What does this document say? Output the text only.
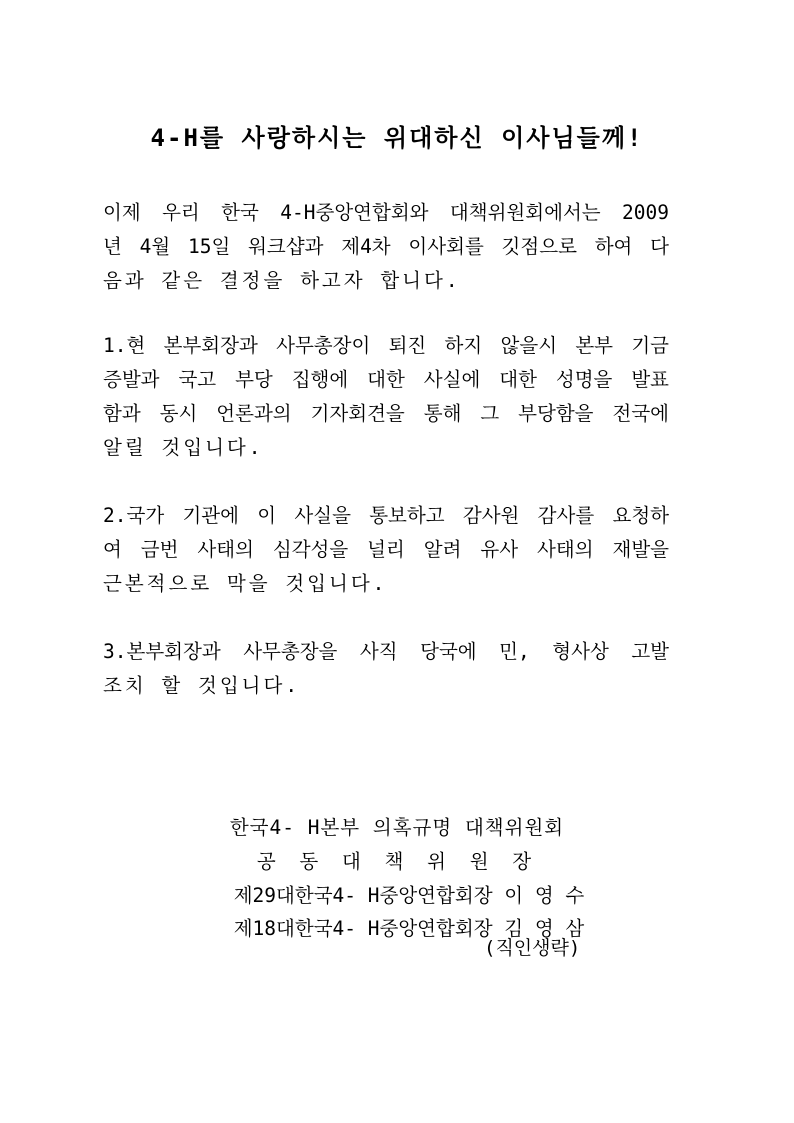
4-H를 사랑하시는 위대하신 이사님들께!
이제 우리 한국 4-H중앙연합회와 대책위원회에서는 2009
년 4월 15일 워크샵과 제4차 이사회를 깃점으로 하여 다
음과 같은 결정을 하고자 합니다.
1.현 본부회장과 사무총장이 퇴진 하지 않을시 본부 기금
증발과 국고 부당 집행에 대한 사실에 대한 성명을 발표
함과 동시 언론과의 기자회견을 통해 그 부당함을 전국에
알릴 것입니다.
2.국가 기관에 이 사실을 통보하고 감사원 감사를 요청하
여 금번 사태의 심각성을 널리 알려 유사 사태의 재발을
근본적으로 막을 것입니다.
3.본부회장과 사무총장을 사직 당국에 민, 형사상 고발
조치 할 것입니다.
한국4- H본부 의혹규명 대책위원회
공 동 대 책 위 원 장
제29대한국4- H중앙연합회장 이 영 수
제18대한국4- H중앙연합회장 김 영 삼
(직인생략)
